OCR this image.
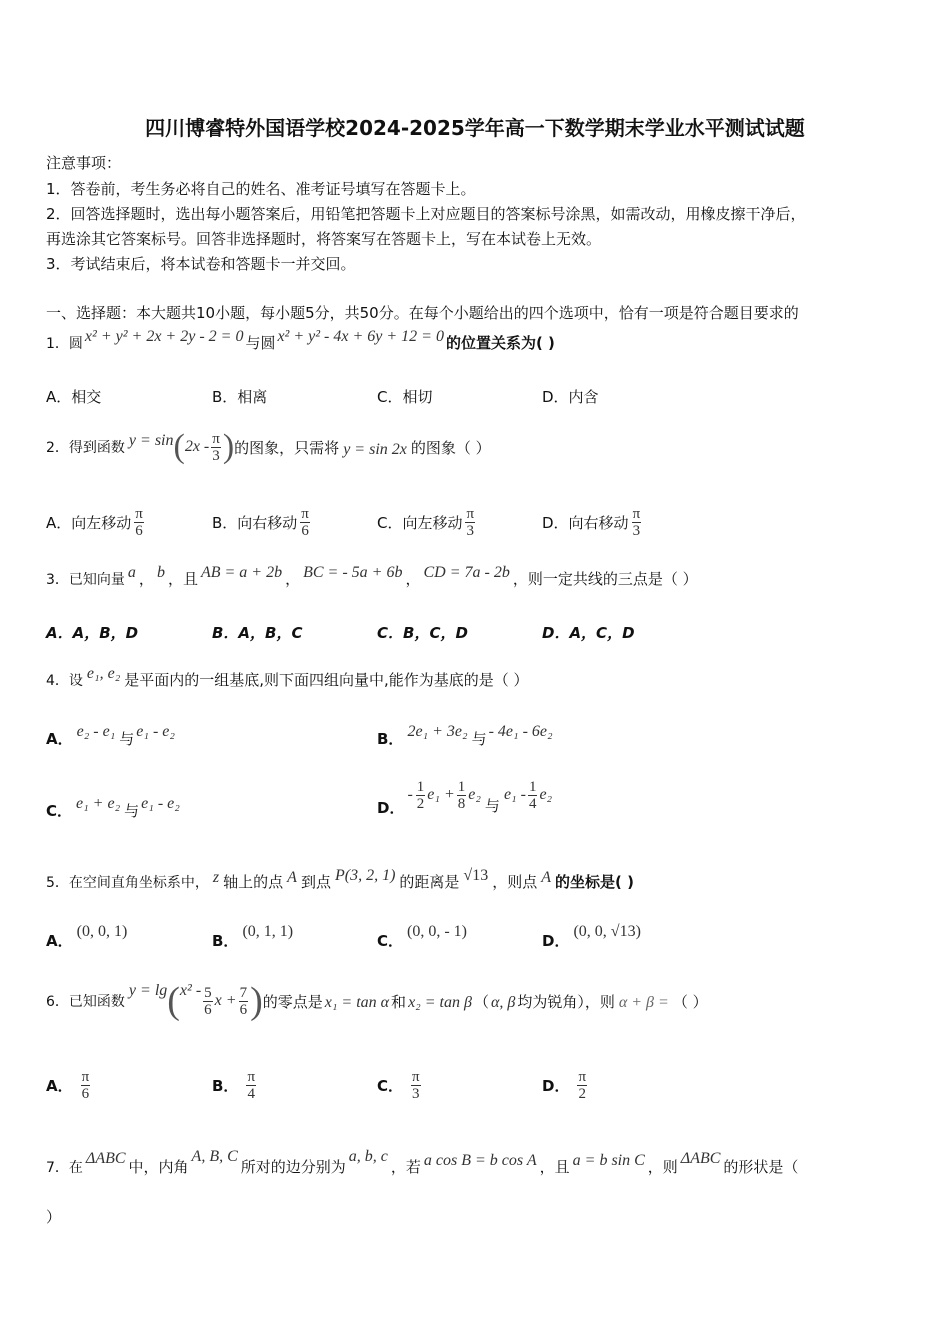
四川博睿特外国语学校2024-2025学年高一下数学期末学业水平测试试题
注意事项：
1．答卷前，考生务必将自己的姓名、准考证号填写在答题卡上。
2．回答选择题时，选出每小题答案后，用铅笔把答题卡上对应题目的答案标号涂黑，如需改动，用橡皮擦干净后，
再选涂其它答案标号。回答非选择题时，将答案写在答题卡上，写在本试卷上无效。
3．考试结束后，将本试卷和答题卡一并交回。
一、选择题：本大题共10小题，每小题5分，共50分。在每个小题给出的四个选项中，恰有一项是符合题目要求的
1．圆 x² + y² + 2x + 2y - 2 = 0 与圆 x² + y² - 4x + 6y + 12 = 0 的位置关系为( )
A．相交	B．相离	C．相切	D．内含
2．得到函数 y = sin ( $2x - \frac{\pi}{3}$ ) 的图象，只需将 y = sin 2x 的图象（ ）
A．向左移动 $\frac{\pi}{6}$	B．向右移动 $\frac{\pi}{6}$	C．向左移动 $\frac{\pi}{3}$	D．向右移动 $\frac{\pi}{3}$
3．已知向量 a ， b ，且 AB = a + 2b ， BC = - 5a + 6b ， CD = 7a - 2b ，则一定共线的三点是（ ）
A．A，B，D	B．A，B，C	C．B，C，D	D．A，C，D
4．设 e₁, e₂ 是平面内的一组基底,则下面四组向量中,能作为基底的是（ ）
A． e₂ - e₁ 与 e₁ - e₂	B． 2e₁ + 3e₂ 与 - 4e₁ - 6e₂
C． e₁ + e₂ 与 e₁ - e₂	D．
- $\frac{1}{2} e_1 + \frac{1}{8} e_2$
与
$e_1 - \frac{1}{4} e_2$
5．在空间直角坐标系中， z 轴上的点 A 到点 P(3, 2, 1) 的距离是 √13 ，则点 A 的坐标是( )
A．(0, 0, 1)
B．(0, 1, 1)
C．(0, 0, - 1)
D．(0, 0, √13)
6．已知函数
y = lg ( $x^2 - \frac{5}{6}$ $x + \frac{7}{6}$ ) 的零点是 x₁ = tan α 和 x₂ = tan β （ α, β 均为锐角），则 α + β = （ ）
A． $\frac{\pi}{6}$	B． $\frac{\pi}{4}$	C． $\frac{\pi}{3}$	D． $\frac{\pi}{2}$
7．在ΔABC 中，内角A, B, C所对的边分别为a, b, c，若 a cos B = b cos A ，且 a = b sin C ，则 ΔABC 的形状是（
）
